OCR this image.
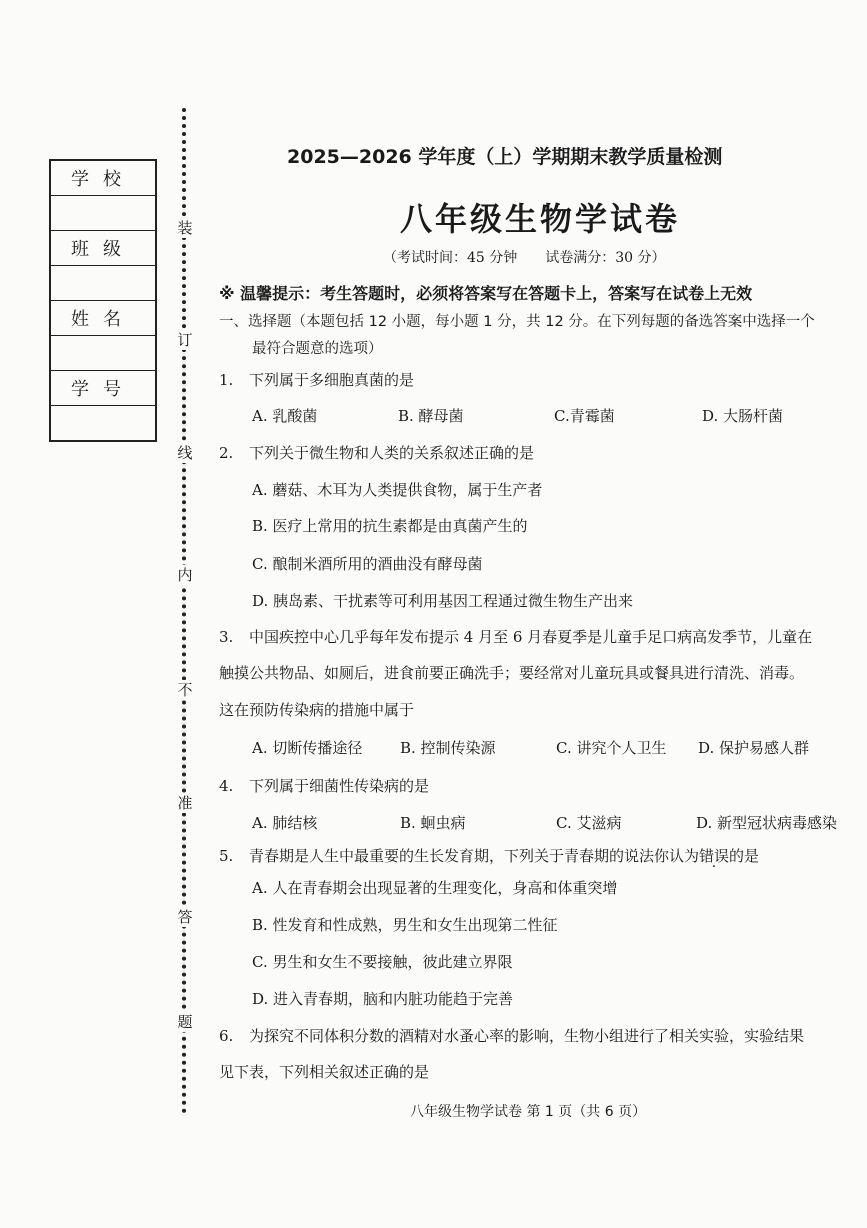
学校

班级

姓名

学号

装
订
线
内
不
准
答
题
2025—2026 学年度（上）学期期末教学质量检测
八年级生物学试卷
（考试时间：45 分钟 试卷满分：30 分）
※ 温馨提示：考生答题时，必须将答案写在答题卡上，答案写在试卷上无效
一、选择题（本题包括 12 小题，每小题 1 分，共 12 分。在下列每题的备选答案中选择一个
最符合题意的选项）
1. 下列属于多细胞真菌的是
A. 乳酸菌	B. 酵母菌	C.青霉菌	D. 大肠杆菌
2. 下列关于微生物和人类的关系叙述正确的是
A. 蘑菇、木耳为人类提供食物，属于生产者
B. 医疗上常用的抗生素都是由真菌产生的
C. 酿制米酒所用的酒曲没有酵母菌
D. 胰岛素、干扰素等可利用基因工程通过微生物生产出来
3. 中国疾控中心几乎每年发布提示 4 月至 6 月春夏季是儿童手足口病高发季节，儿童在
触摸公共物品、如厕后，进食前要正确洗手；要经常对儿童玩具或餐具进行清洗、消毒。
这在预防传染病的措施中属于
A. 切断传播途径	B. 控制传染源	C. 讲究个人卫生 D. 保护易感人群
4. 下列属于细菌性传染病的是
A. 肺结核	B. 蛔虫病	C. 艾滋病	D. 新型冠状病毒感染
5. 青春期是人生中最重要的生长发育期，下列关于青春期的说法你认为错误的是
A. 人在青春期会出现显著的生理变化，身高和体重突增
B. 性发育和性成熟，男生和女生出现第二性征
C. 男生和女生不要接触，彼此建立界限
D. 进入青春期，脑和内脏功能趋于完善
6. 为探究不同体积分数的酒精对水蚤心率的影响，生物小组进行了相关实验，实验结果
见下表，下列相关叙述正确的是
八年级生物学试卷 第 1 页（共 6 页）
